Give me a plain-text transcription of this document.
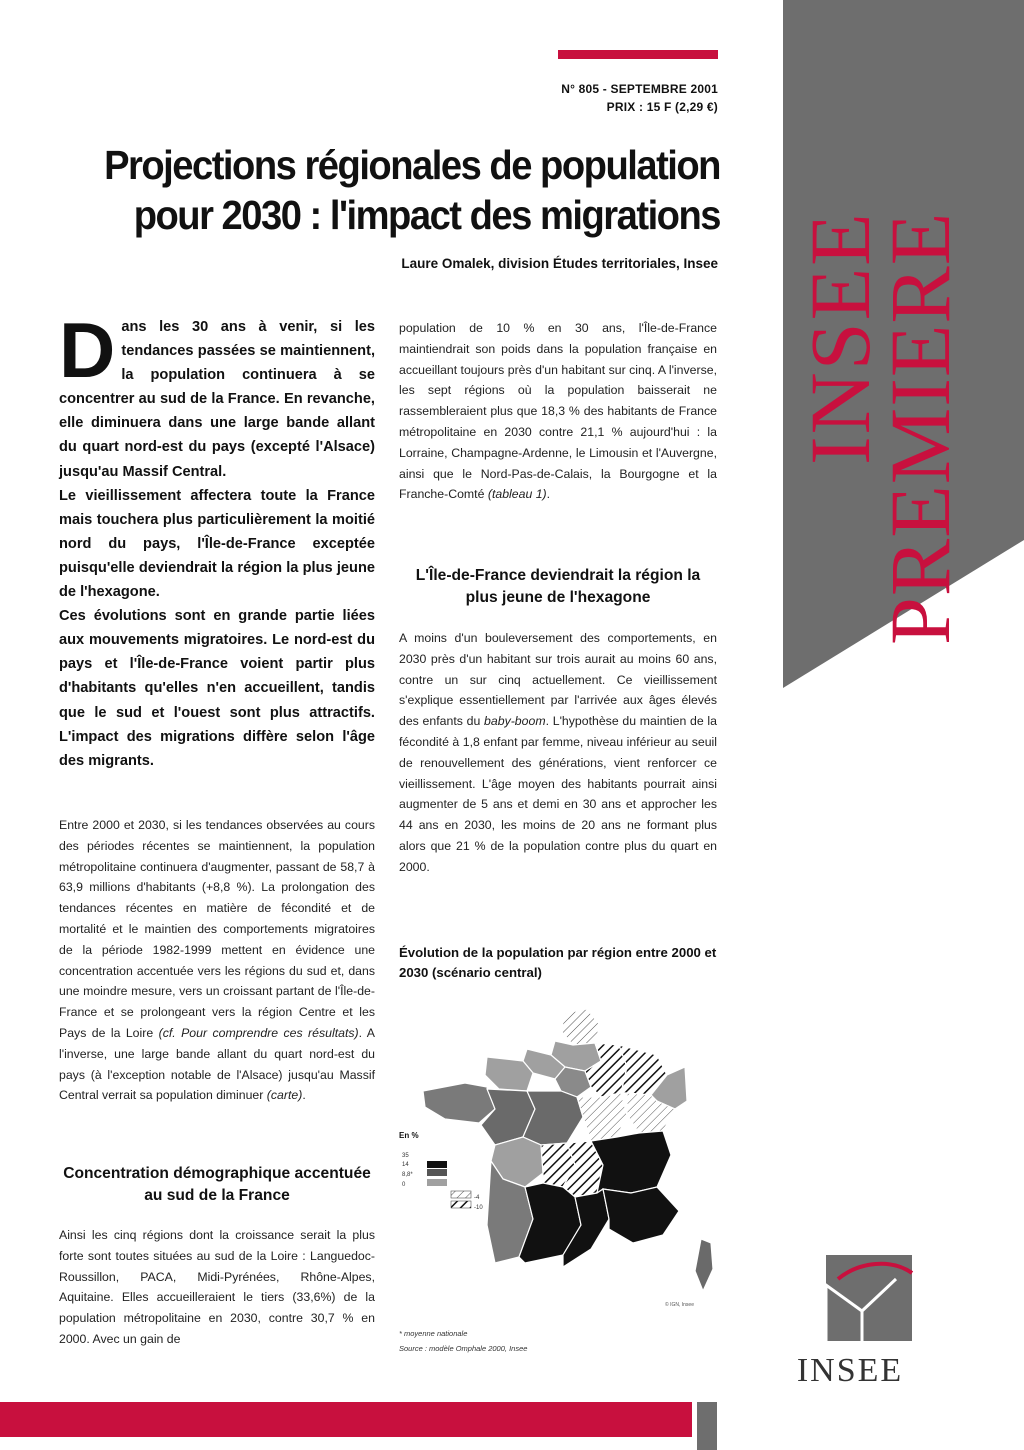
INSEE
PREMIERE
N° 805 - SEPTEMBRE 2001
PRIX : 15 F (2,29 €)
Projections régionales de population
pour 2030 : l'impact des migrations
Laure Omalek, division Études territoriales, Insee

Dans les 30 ans à venir, si les tendances passées se maintiennent, la population continuera à se concentrer au sud de la France. En revanche, elle diminuera dans une large bande allant du quart nord-est du pays (excepté l'Alsace) jusqu'au Massif Central.

Le vieillissement affectera toute la France mais touchera plus particulièrement la moitié nord du pays, l'Île-de-France exceptée puisqu'elle deviendrait la région la plus jeune de l'hexagone.

Ces évolutions sont en grande partie liées aux mouvements migratoires. Le nord-est du pays et l'Île-de-France voient partir plus d'habitants qu'elles n'en accueillent, tandis que le sud et l'ouest sont plus attractifs. L'impact des migrations diffère selon l'âge des migrants.

Entre 2000 et 2030, si les tendances observées au cours des périodes récentes se maintiennent, la population métropolitaine continuera d'augmenter, passant de 58,7 à 63,9 millions d'habitants (+8,8 %). La prolongation des tendances récentes en matière de fécondité et de mortalité et le maintien des comportements migratoires de la période 1982-1999 mettent en évidence une concentration accentuée vers les régions du sud et, dans une moindre mesure, vers un croissant partant de l'Île-de-France et se prolongeant vers la région Centre et les Pays de la Loire (cf. Pour comprendre ces résultats). A l'inverse, une large bande allant du quart nord-est du pays (à l'exception notable de l'Alsace) jusqu'au Massif Central verrait sa population diminuer (carte).

Concentration démographique accentuée au sud de la France

Ainsi les cinq régions dont la croissance serait la plus forte sont toutes situées au sud de la Loire : Languedoc-Roussillon, PACA, Midi-Pyrénées, Rhône-Alpes, Aquitaine. Elles accueilleraient le tiers (33,6%) de la population métropolitaine en 2030, contre 30,7 % en 2000. Avec un gain de

population de 10 % en 30 ans, l'Île-de-France maintiendrait son poids dans la population française en accueillant toujours près d'un habitant sur cinq. A l'inverse, les sept régions où la population baisserait ne rassembleraient plus que 18,3 % des habitants de France métropolitaine en 2030 contre 21,1 % aujourd'hui : la Lorraine, Champagne-Ardenne, le Limousin et l'Auvergne, ainsi que le Nord-Pas-de-Calais, la Bourgogne et la Franche-Comté (tableau 1).

L'Île-de-France deviendrait la région la plus jeune de l'hexagone

A moins d'un bouleversement des comportements, en 2030 près d'un habitant sur trois aurait au moins 60 ans, contre un sur cinq actuellement. Ce vieillissement s'explique essentiellement par l'arrivée aux âges élevés des enfants du baby-boom. L'hypothèse du maintien de la fécondité à 1,8 enfant par femme, niveau inférieur au seuil de renouvellement des générations, vient renforcer ce vieillissement. L'âge moyen des habitants pourrait ainsi augmenter de 5 ans et demi en 30 ans et approcher les 44 ans en 2030, les moins de 20 ans ne formant plus alors que 21 % de la population contre plus du quart en 2000.

Évolution de la population par région entre 2000 et 2030 (scénario central)
En %
35
14
8,8*
0
-4
-10
© IGN, Insee
* moyenne nationale
Source : modèle Omphale 2000, Insee
INSEE
